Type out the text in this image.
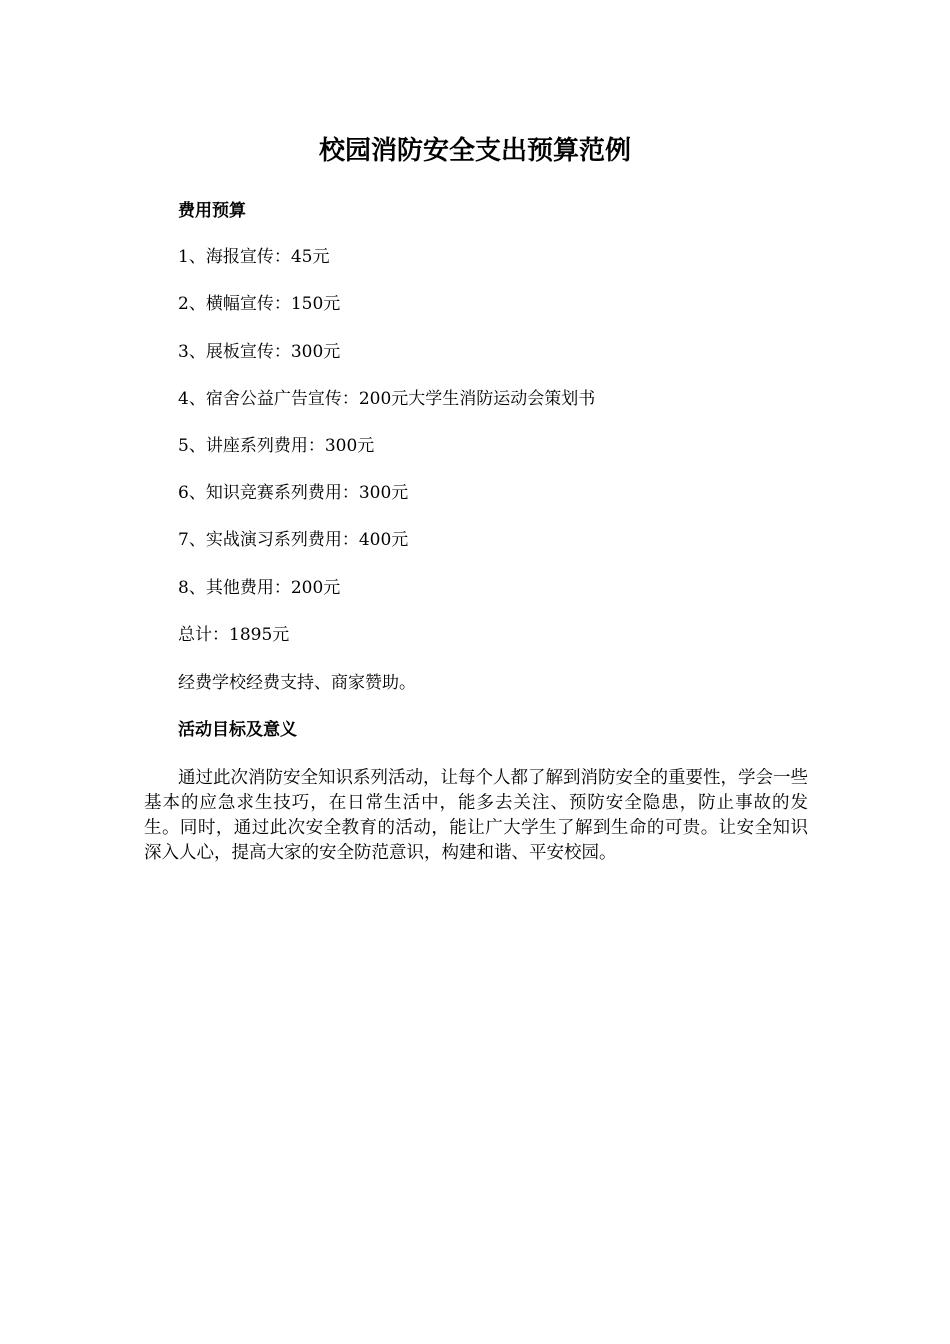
校园消防安全支出预算范例
费用预算
1、海报宣传：45元
2、横幅宣传：150元
3、展板宣传：300元
4、宿舍公益广告宣传：200元大学生消防运动会策划书
5、讲座系列费用：300元
6、知识竞赛系列费用：300元
7、实战演习系列费用：400元
8、其他费用：200元
总计：1895元
经费学校经费支持、商家赞助。
活动目标及意义

通过此次消防安全知识系列活动，让每个人都了解到消防安全的重要性，学会一些基本的应急求生技巧，在日常生活中，能多去关注、预防安全隐患，防止事故的发生。同时，通过此次安全教育的活动，能让广大学生了解到生命的可贵。让安全知识深入人心，提高大家的安全防范意识，构建和谐、平安校园。
